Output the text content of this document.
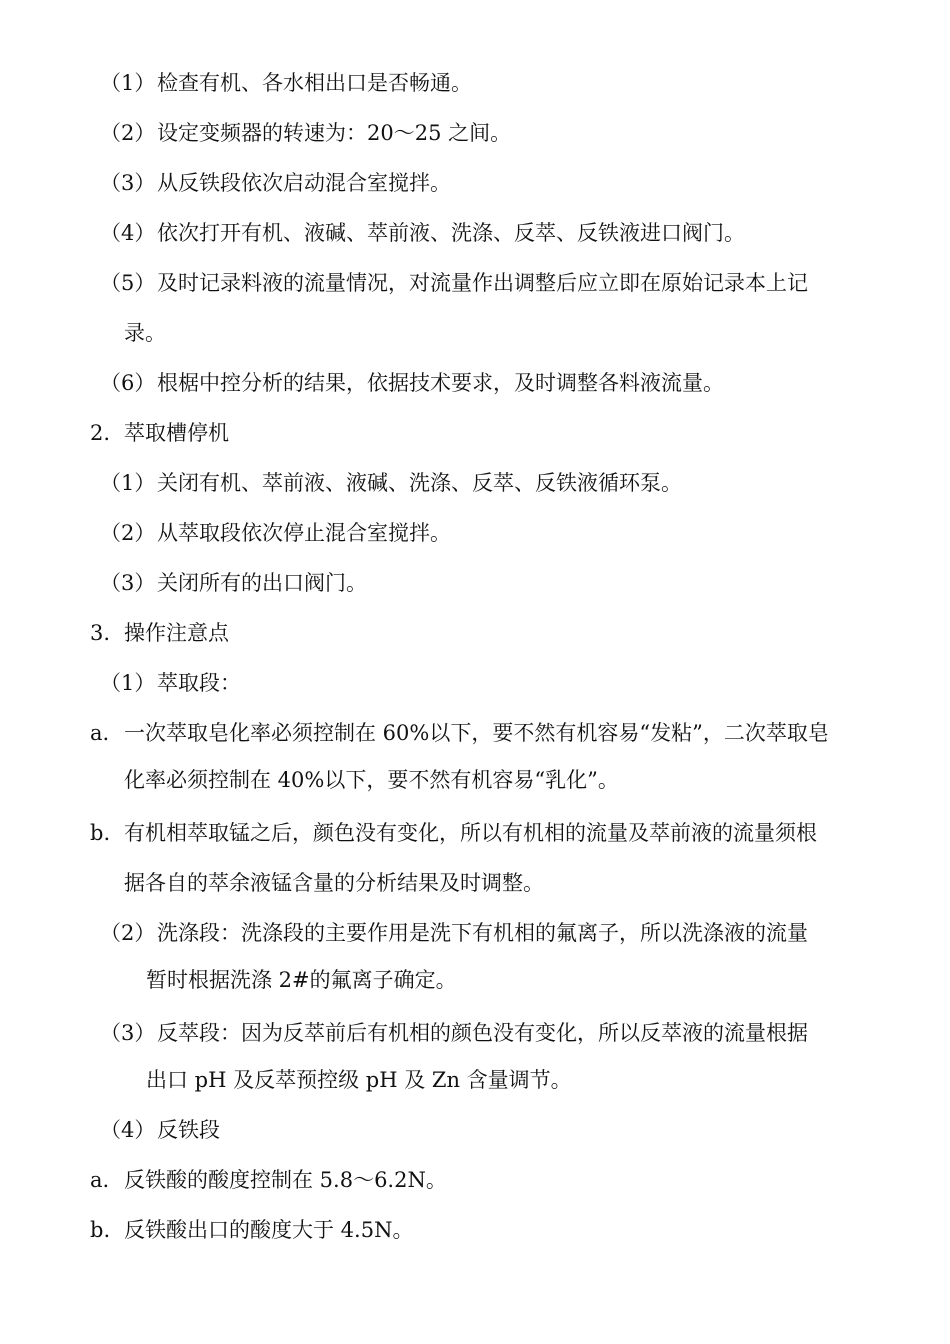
（1） 检查有机、各水相出口是否畅通。
（2） 设定变频器的转速为：20～25 之间。
（3） 从反铁段依次启动混合室搅拌。
（4） 依次打开有机、液碱、萃前液、洗涤、反萃、反铁液进口阀门。
（5） 及时记录料液的流量情况，对流量作出调整后应立即在原始记录本上记
录。
（6） 根椐中控分析的结果，依据技术要求，及时调整各料液流量。
2. 萃取槽停机
（1） 关闭有机、萃前液、液碱、洗涤、反萃、反铁液循环泵。
（2） 从萃取段依次停止混合室搅拌。
（3） 关闭所有的出口阀门。
3. 操作注意点
（1） 萃取段：
a. 一次萃取皂化率必须控制在 60%以下，要不然有机容易“发粘”，二次萃取皂
化率必须控制在 40%以下，要不然有机容易“乳化”。
b. 有机相萃取锰之后，颜色没有变化，所以有机相的流量及萃前液的流量须根
据各自的萃余液锰含量的分析结果及时调整。
（2） 洗涤段：洗涤段的主要作用是洗下有机相的氟离子，所以洗涤液的流量
暂时根据洗涤 2#的氟离子确定。
（3） 反萃段：因为反萃前后有机相的颜色没有变化，所以反萃液的流量根据
出口 pH 及反萃预控级 pH 及 Zn 含量调节。
（4） 反铁段
a. 反铁酸的酸度控制在 5.8～6.2N。
b. 反铁酸出口的酸度大于 4.5N。
